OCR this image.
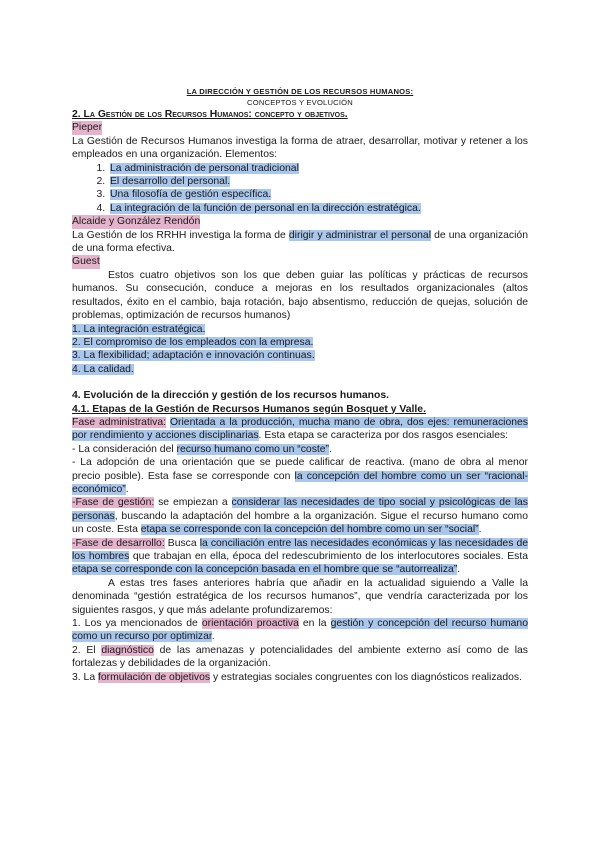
LA DIRECCIÓN Y GESTIÓN DE LOS RECURSOS HUMANOS:
CONCEPTOS Y EVOLUCIÓN
2. La Gestión de los Recursos Humanos: concepto y objetivos.
Pieper

La Gestión de Recursos Humanos investiga la forma de atraer, desarrollar, motivar y retener a los empleados en una organización. Elementos:

1. La administración de personal tradicional
2. El desarrollo del personal.
3. Una filosofía de gestión específica.
4. La integración de la función de personal en la dirección estratégica.
Alcaide y González Rendón

La Gestión de los RRHH investiga la forma de dirigir y administrar el personal de una organización de una forma efectiva.

Guest

Estos cuatro objetivos son los que deben guiar las políticas y prácticas de recursos humanos. Su consecución, conduce a mejoras en los resultados organizacionales (altos resultados, éxito en el cambio, baja rotación, bajo absentismo, reducción de quejas, solución de problemas, optimización de recursos humanos)

1. La integración estratégica.
2. El compromiso de los empleados con la empresa.
3. La flexibilidad; adaptación e innovación continuas.
4. La calidad.
4. Evolución de la dirección y gestión de los recursos humanos.
4.1. Etapas de la Gestión de Recursos Humanos según Bosquet y Valle.

Fase administrativa: Orientada a la producción, mucha mano de obra, dos ejes: remuneraciones por rendimiento y acciones disciplinarias. Esta etapa se caracteriza por dos rasgos esenciales:

- La consideración del recurso humano como un “coste”.

- La adopción de una orientación que se puede calificar de reactiva. (mano de obra al menor precio posible). Esta fase se corresponde con la concepción del hombre como un ser “racional-económico”.

-Fase de gestión: se empiezan a considerar las necesidades de tipo social y psicológicas de las personas, buscando la adaptación del hombre a la organización. Sigue el recurso humano como un coste. Esta etapa se corresponde con la concepción del hombre como un ser “social”.

-Fase de desarrollo: Busca la conciliación entre las necesidades económicas y las necesidades de los hombres que trabajan en ella, época del redescubrimiento de los interlocutores sociales. Esta etapa se corresponde con la concepción basada en el hombre que se “autorrealiza”.

A estas tres fases anteriores habría que añadir en la actualidad siguiendo a Valle la denominada “gestión estratégica de los recursos humanos”, que vendría caracterizada por los siguientes rasgos, y que más adelante profundizaremos:

1. Los ya mencionados de orientación proactiva en la gestión y concepción del recurso humano como un recurso por optimizar.

2. El diagnóstico de las amenazas y potencialidades del ambiente externo así como de las fortalezas y debilidades de la organización.

3. La formulación de objetivos y estrategias sociales congruentes con los diagnósticos realizados.
